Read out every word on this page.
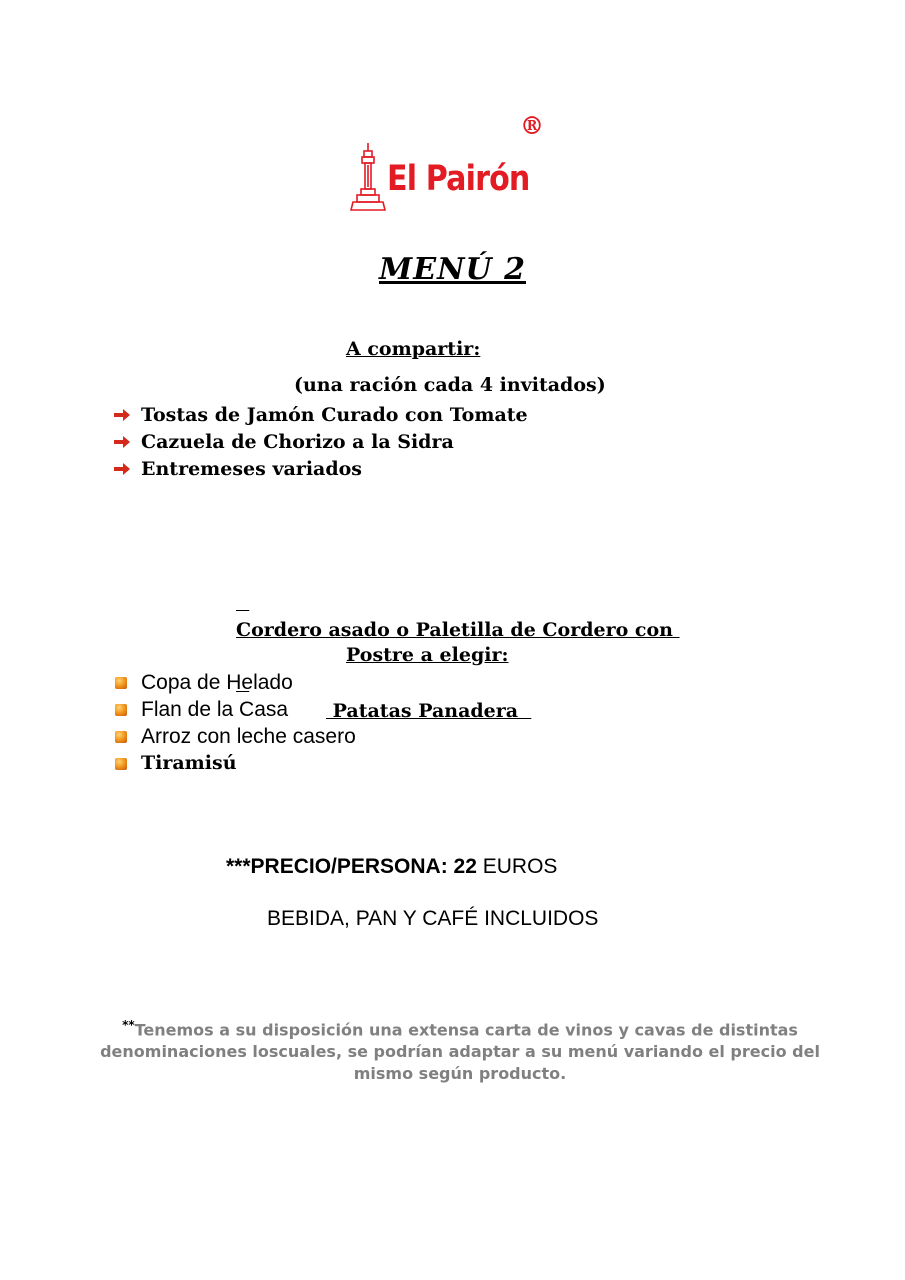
El Pairón
®
MENÚ 2
A compartir:
(una ración cada 4 invitados)
Tostas de Jamón Curado con Tomate
Cazuela de Chorizo a la Sidra
Entremeses variados

Cordero asado o Paletilla de Cordero con

Patatas Panadera

Postre a elegir:
Copa de Helado
Flan de la Casa
Arroz con leche casero
Tiramisú
***PRECIO/PERSONA: 22 EUROS
BEBIDA, PAN Y CAFÉ INCLUIDOS
**Tenemos a su disposición una extensa carta de vinos y cavas de distintas denominaciones loscuales, se podrían adaptar a su menú variando el precio del mismo según producto.
